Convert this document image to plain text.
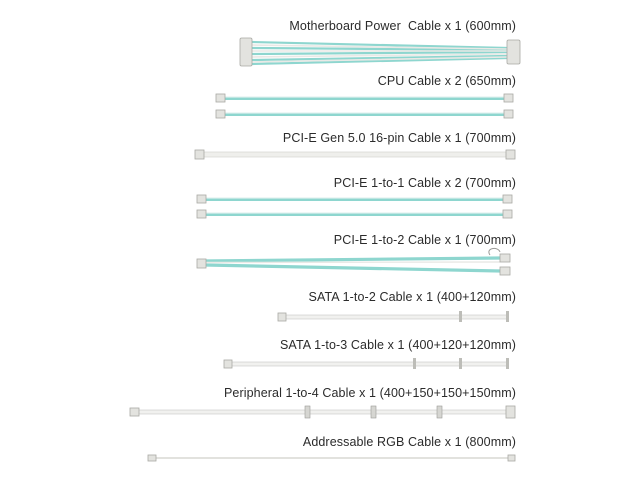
Motherboard Power  Cable x 1 (600mm)
CPU Cable x 2 (650mm)
PCI-E Gen 5.0 16-pin Cable x 1 (700mm)
PCI-E 1-to-1 Cable x 2 (700mm)
PCI-E 1-to-2 Cable x 1 (700mm)
SATA 1-to-2 Cable x 1 (400+120mm)
SATA 1-to-3 Cable x 1 (400+120+120mm)
Peripheral 1-to-4 Cable x 1 (400+150+150+150mm)
Addressable RGB Cable x 1 (800mm)
